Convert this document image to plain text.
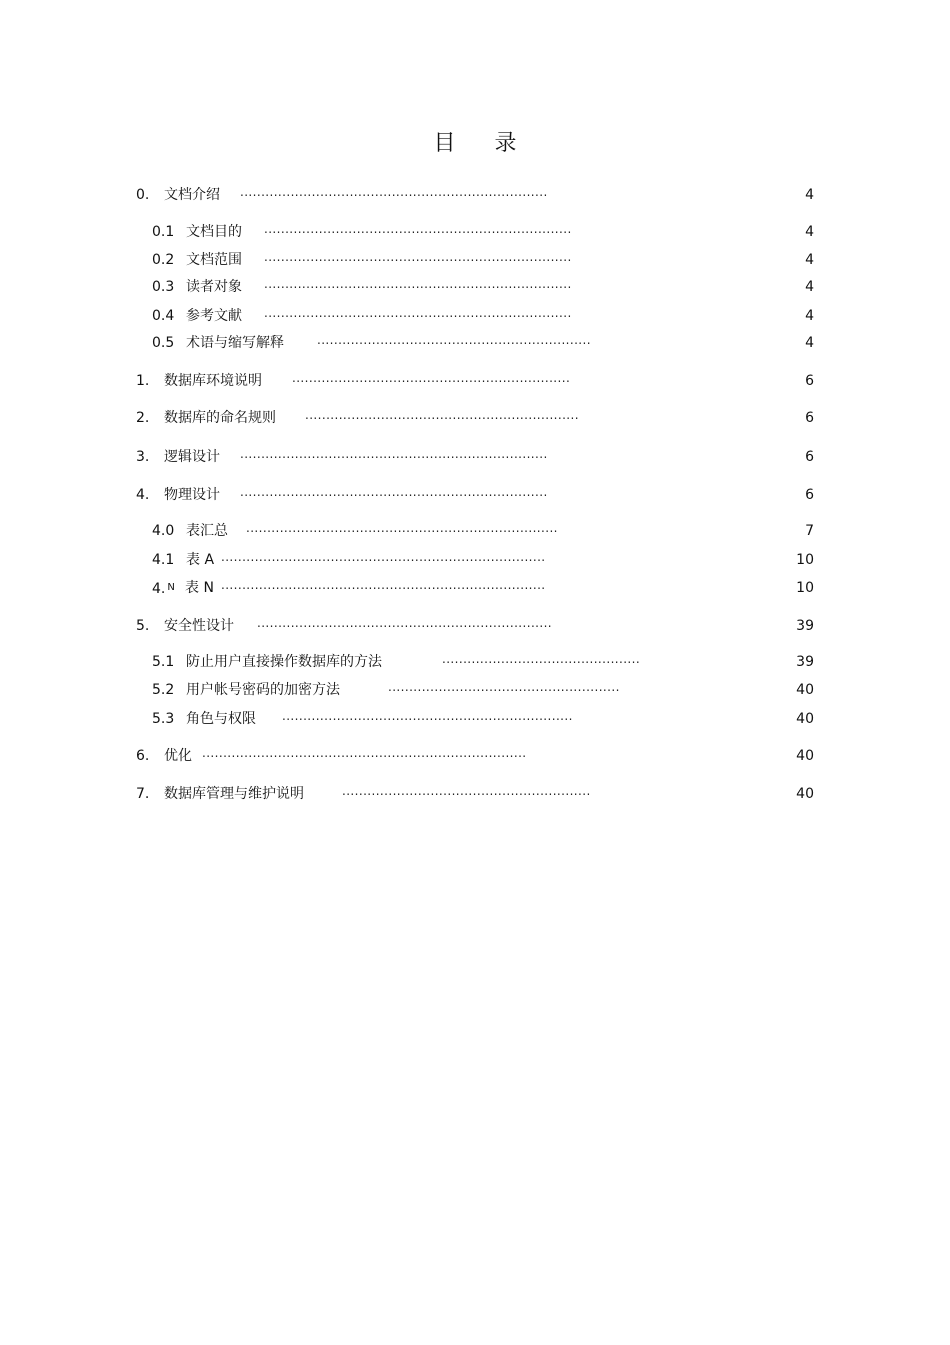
目 录
0. 文档介绍 .........................................................................	4
0.1 文档目的 .........................................................................	4
0.2 文档范围 .........................................................................	4
0.3 读者对象 .........................................................................	4
0.4 参考文献 .........................................................................	4
0.5 术语与缩写解释	.................................................................	4
1. 数据库环境说明	..................................................................	6
2. 数据库的命名规则 .................................................................	6
3. 逻辑设计 .........................................................................	6
4. 物理设计 .........................................................................	6
4.0 表汇总 ..........................................................................	7
4.1 表 A .............................................................................	10
4. $^N$ 表 N .............................................................................	10
5. 安全性设计 ......................................................................	39
5.1 防止用户直接操作数据库的方法	...............................................	39
5.2 用户帐号密码的加密方法	.......................................................	40
5.3 角色与权限 .....................................................................	40
6. 优化 .............................................................................	40
7. 数据库管理与维护说明	...........................................................	40
